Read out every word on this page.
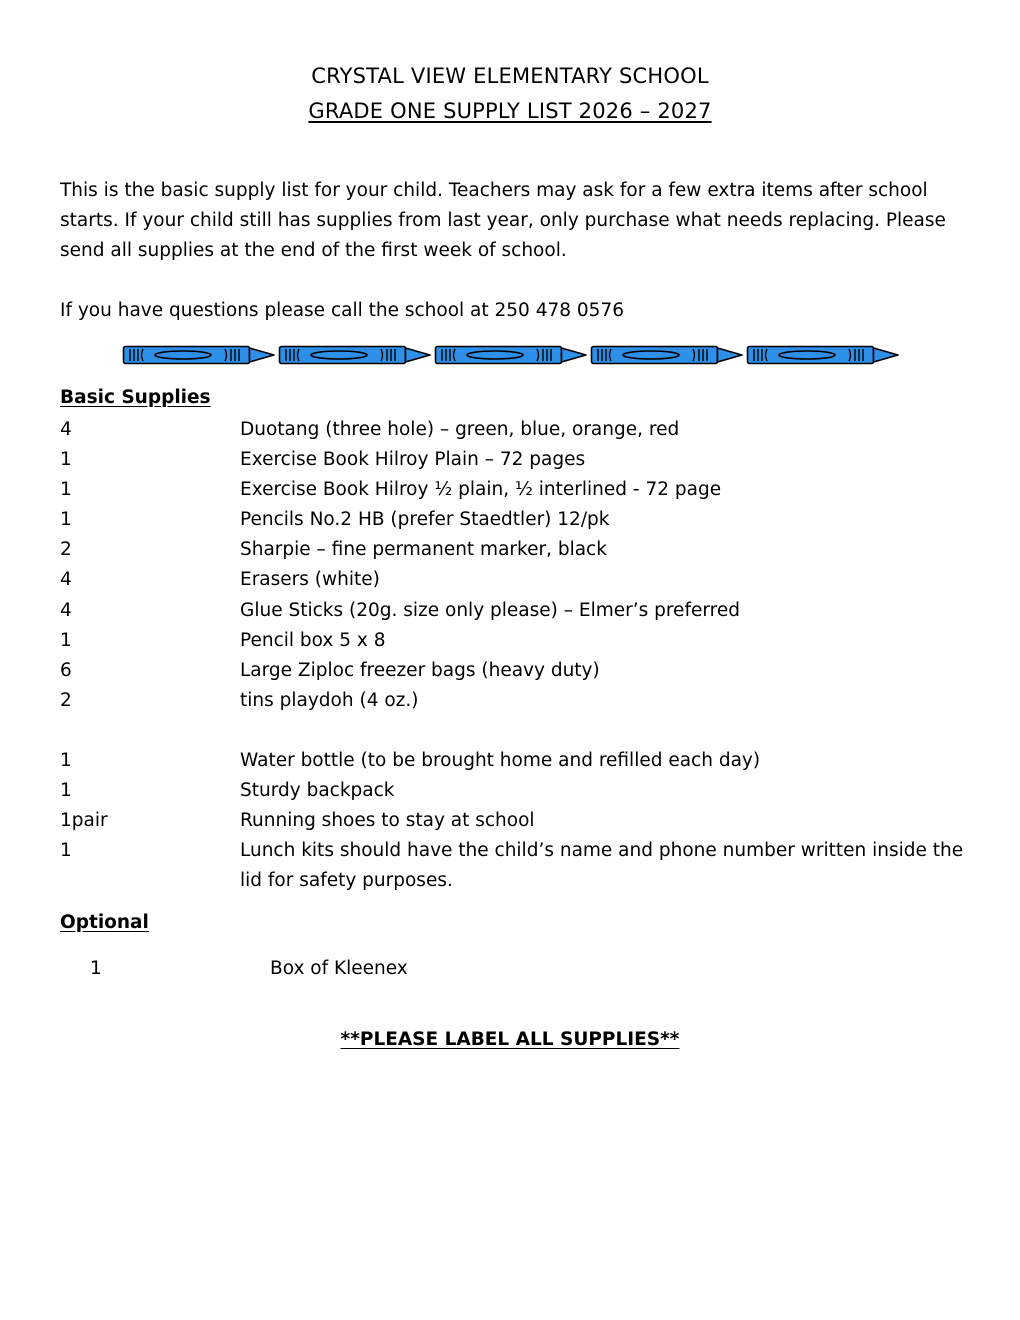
CRYSTAL VIEW ELEMENTARY SCHOOL
GRADE ONE SUPPLY LIST 2026 – 2027
This is the basic supply list for your child. Teachers may ask for a few extra items after school starts. If your child still has supplies from last year, only purchase what needs replacing. Please send all supplies at the end of the first week of school.
If you have questions please call the school at 250 478 0576
Basic Supplies
4	Duotang (three hole) – green, blue, orange, red
1	Exercise Book Hilroy Plain – 72 pages
1	Exercise Book Hilroy ½ plain, ½ interlined - 72 page
1	Pencils No.2 HB (prefer Staedtler) 12/pk
2	Sharpie – fine permanent marker, black
4	Erasers (white)
4	Glue Sticks (20g. size only please) – Elmer’s preferred
1	Pencil box 5 x 8
6	Large Ziploc freezer bags (heavy duty)
2	tins playdoh (4 oz.)
1	Water bottle (to be brought home and refilled each day)
1	Sturdy backpack
1pair	Running shoes to stay at school
1	Lunch kits should have the child’s name and phone number written inside the lid for safety purposes.
Optional
1	Box of Kleenex
**PLEASE LABEL ALL SUPPLIES**
